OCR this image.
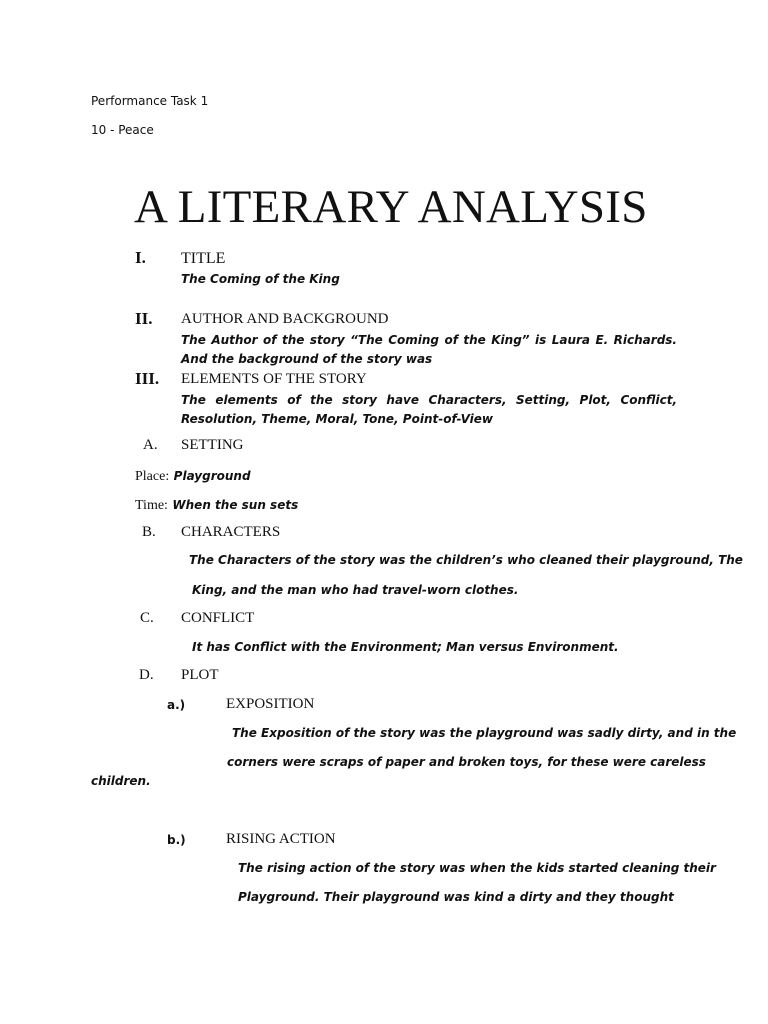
Performance Task 1
10 - Peace
A LITERARY ANALYSIS
I. TITLE
The Coming of the King
II. AUTHOR AND BACKGROUND
The Author of the story “The Coming of the King” is Laura E. Richards. And the background of the story was
III. ELEMENTS OF THE STORY
The elements of the story have Characters, Setting, Plot, Conflict, Resolution, Theme, Moral, Tone, Point-of-View
A. SETTING
Place: Playground
Time: When the sun sets
B. CHARACTERS
The Characters of the story was the children’s who cleaned their playground, The
King, and the man who had travel-worn clothes.
C. CONFLICT
It has Conflict with the Environment; Man versus Environment.
D. PLOT
a.)	EXPOSITION
The Exposition of the story was the playground was sadly dirty, and in the
corners were scraps of paper and broken toys, for these were careless
children.
b.)	RISING ACTION
The rising action of the story was when the kids started cleaning their
Playground. Their playground was kind a dirty and they thought
